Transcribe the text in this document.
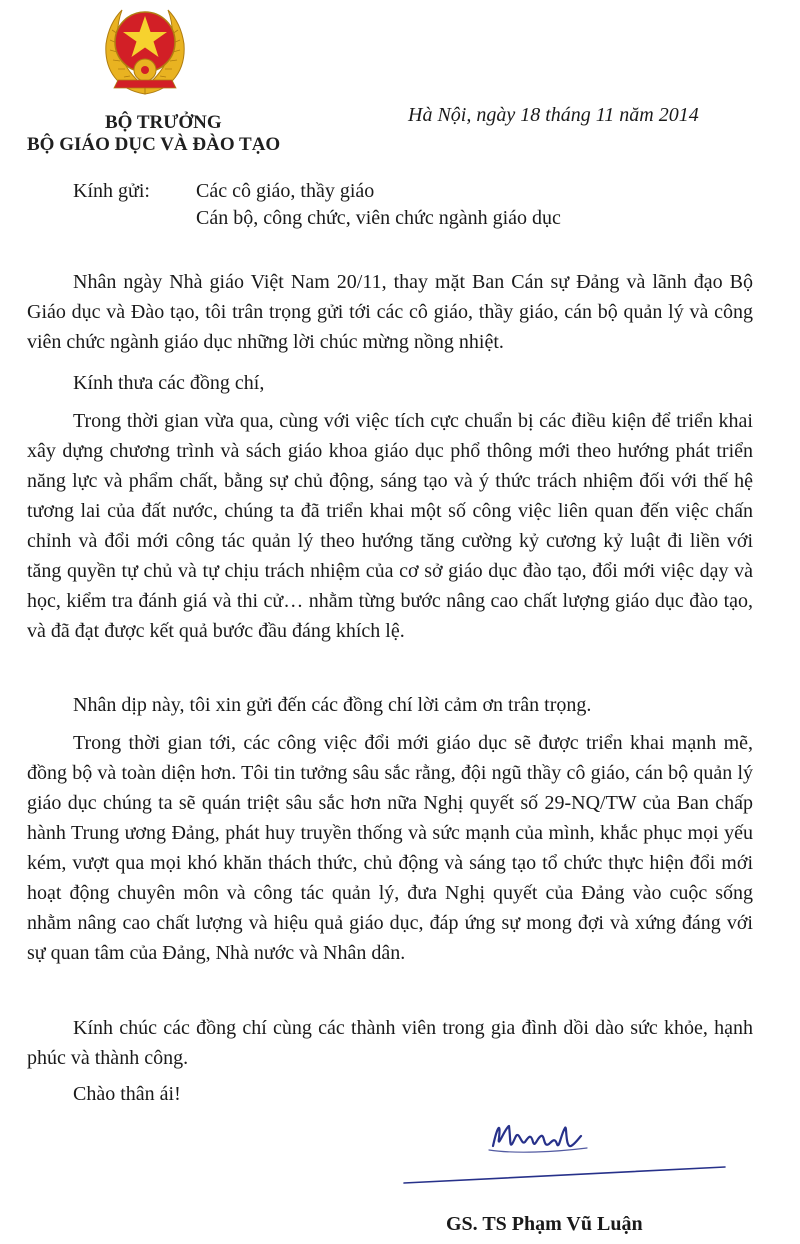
BỘ TRƯỞNG
BỘ GIÁO DỤC VÀ ĐÀO TẠO
Hà Nội, ngày 18 tháng 11 năm 2014
Kính gửi: Các cô giáo, thầy giáo
Cán bộ, công chức, viên chức ngành giáo dục

Nhân ngày Nhà giáo Việt Nam 20/11, thay mặt Ban Cán sự Đảng và lãnh đạo Bộ Giáo dục và Đào tạo, tôi trân trọng gửi tới các cô giáo, thầy giáo, cán bộ quản lý và công viên chức ngành giáo dục những lời chúc mừng nồng nhiệt.

Kính thưa các đồng chí,

Trong thời gian vừa qua, cùng với việc tích cực chuẩn bị các điều kiện để triển khai xây dựng chương trình và sách giáo khoa giáo dục phổ thông mới theo hướng phát triển năng lực và phẩm chất, bằng sự chủ động, sáng tạo và ý thức trách nhiệm đối với thế hệ tương lai của đất nước, chúng ta đã triển khai một số công việc liên quan đến việc chấn chỉnh và đổi mới công tác quản lý theo hướng tăng cường kỷ cương kỷ luật đi liền với tăng quyền tự chủ và tự chịu trách nhiệm của cơ sở giáo dục đào tạo, đổi mới việc dạy và học, kiểm tra đánh giá và thi cử… nhằm từng bước nâng cao chất lượng giáo dục đào tạo, và đã đạt được kết quả bước đầu đáng khích lệ.

Nhân dịp này, tôi xin gửi đến các đồng chí lời cảm ơn trân trọng.

Trong thời gian tới, các công việc đổi mới giáo dục sẽ được triển khai mạnh mẽ, đồng bộ và toàn diện hơn. Tôi tin tưởng sâu sắc rằng, đội ngũ thầy cô giáo, cán bộ quản lý giáo dục chúng ta sẽ quán triệt sâu sắc hơn nữa Nghị quyết số 29-NQ/TW của Ban chấp hành Trung ương Đảng, phát huy truyền thống và sức mạnh của mình, khắc phục mọi yếu kém, vượt qua mọi khó khăn thách thức, chủ động và sáng tạo tổ chức thực hiện đổi mới hoạt động chuyên môn và công tác quản lý, đưa Nghị quyết của Đảng vào cuộc sống nhằm nâng cao chất lượng và hiệu quả giáo dục, đáp ứng sự mong đợi và xứng đáng với sự quan tâm của Đảng, Nhà nước và Nhân dân.

Kính chúc các đồng chí cùng các thành viên trong gia đình dồi dào sức khỏe, hạnh phúc và thành công.

Chào thân ái!

GS. TS Phạm Vũ Luận
